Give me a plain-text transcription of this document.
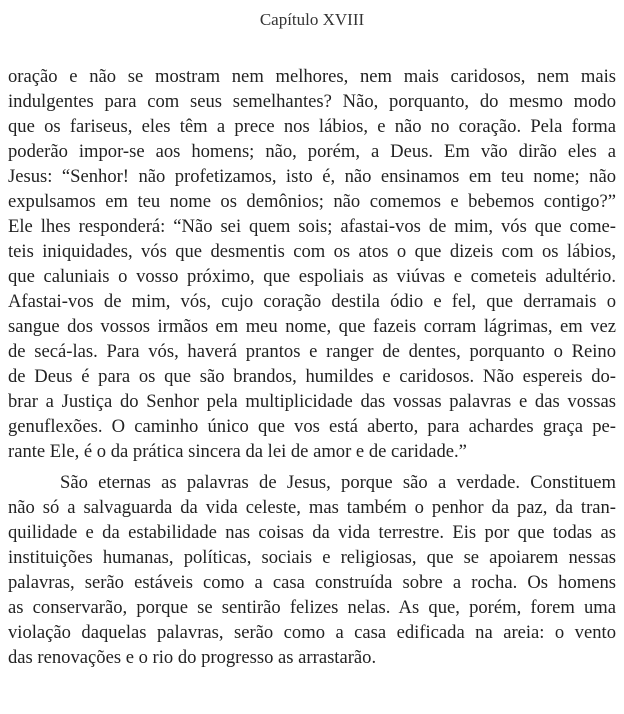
Capítulo XVIII
oração e não se mostram nem melhores, nem mais caridosos, nem mais
indulgentes para com seus semelhantes? Não, porquanto, do mesmo modo
que os fariseus, eles têm a prece nos lábios, e não no coração. Pela forma
poderão impor-se aos homens; não, porém, a Deus. Em vão dirão eles a
Jesus: “Senhor! não profetizamos, isto é, não ensinamos em teu nome; não
expulsamos em teu nome os demônios; não comemos e bebemos contigo?”
Ele lhes responderá: “Não sei quem sois; afastai-vos de mim, vós que come-
teis iniquidades, vós que desmentis com os atos o que dizeis com os lábios,
que caluniais o vosso próximo, que espoliais as viúvas e cometeis adultério.
Afastai-vos de mim, vós, cujo coração destila ódio e fel, que derramais o
sangue dos vossos irmãos em meu nome, que fazeis corram lágrimas, em vez
de secá-las. Para vós, haverá prantos e ranger de dentes, porquanto o Reino
de Deus é para os que são brandos, humildes e caridosos. Não espereis do-
brar a Justiça do Senhor pela multiplicidade das vossas palavras e das vossas
genuflexões. O caminho único que vos está aberto, para achardes graça pe-
rante Ele, é o da prática sincera da lei de amor e de caridade.”
São eternas as palavras de Jesus, porque são a verdade. Constituem
não só a salvaguarda da vida celeste, mas também o penhor da paz, da tran-
quilidade e da estabilidade nas coisas da vida terrestre. Eis por que todas as
instituições humanas, políticas, sociais e religiosas, que se apoiarem nessas
palavras, serão estáveis como a casa construída sobre a rocha. Os homens
as conservarão, porque se sentirão felizes nelas. As que, porém, forem uma
violação daquelas palavras, serão como a casa edificada na areia: o vento
das renovações e o rio do progresso as arrastarão.
